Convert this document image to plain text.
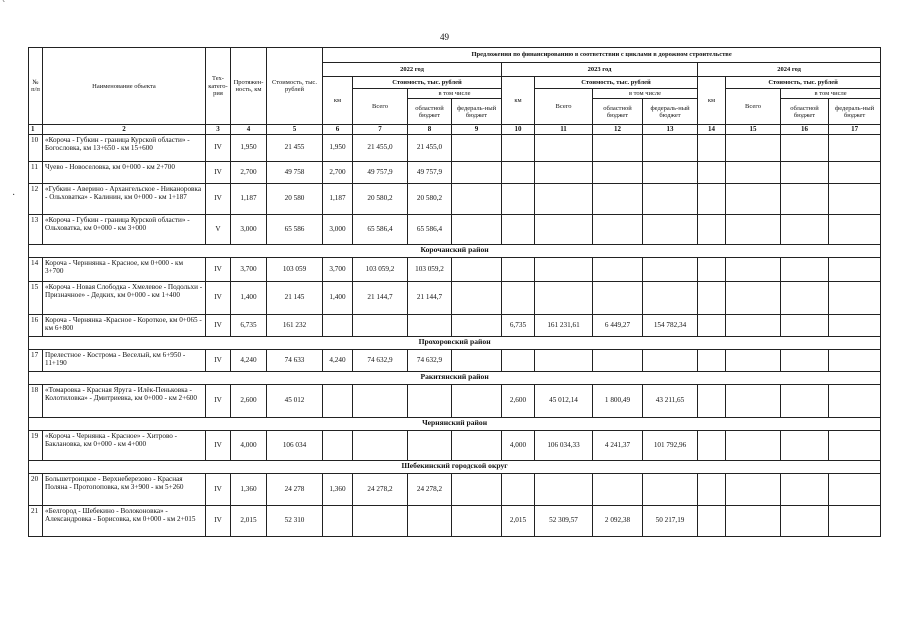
49
`
·
№ п/п	Наименование объекта	Тех-катего-рия	Протяжен-ность, км	Стоимость, тыс. рублей	Предложения по финансированию в соответствии с циклами в дорожном строительстве											
					2022 год				2023 год				2024 год			
					км	Стоимость, тыс. рублей			км	Стоимость, тыс. рублей			км	Стоимость, тыс. рублей		
						Всего	в том числе			Всего	в том числе			Всего	в том числе	
							областной бюджет	федераль-ный бюджет			областной бюджет	федераль-ный бюджет			областной бюджет	федераль-ный бюджет
1	2	3	4	5	6	7	8	9	10	11	12	13	14	15	16	17
10	«Короча - Губкин - граница Курской области» - Богословка, км 13+650 - км 15+600	IV	1,950	21 455	1,950	21 455,0	21 455,0									
11	Чуево - Новоселовка, км 0+000 - км 2+700	IV	2,700	49 758	2,700	49 757,9	49 757,9									
12	«Губкин - Аверино - Архангельское - Никаноровка - Ольховатка» - Калинин, км 0+000 - км 1+187	IV	1,187	20 580	1,187	20 580,2	20 580,2									
13	«Короча - Губкин - граница Курской области» - Ольховатка, км 0+000 - км 3+000	V	3,000	65 586	3,000	65 586,4	65 586,4									
Корочанский район																
14	Короча - Черннянка - Красное, км 0+000 - км 3+700	IV	3,700	103 059	3,700	103 059,2	103 059,2									
15	«Короча - Новая Слободка - Хмелевое - Подольхи - Призначное» - Дедких, км 0+000 - км 1+400	IV	1,400	21 145	1,400	21 144,7	21 144,7									
16	Короча - Чернянка -Красное - Короткое, км 0+065 - км 6+800	IV	6,735	161 232					6,735	161 231,61	6 449,27	154 782,34				
Прохоровский район																
17	Прелестное - Кострома - Веселый, км 6+950 - 11+190	IV	4,240	74 633	4,240	74 632,9	74 632,9									
Ракитянский район																
18	«Томаровка - Красная Яруга - Илёк-Пеньковка - Колотиловка» - Дмитриевка, км 0+000 - км 2+600	IV	2,600	45 012					2,600	45 012,14	1 800,49	43 211,65				
Чернянский район																
19	«Короча - Чернянка - Красное» - Хитрово - Баклановка, км 0+000 - км 4+000	IV	4,000	106 034					4,000	106 034,33	4 241,37	101 792,96				
Шебекинский городской округ																
20	Большетроицкое - Верхнеберезово - Красная Полянa - Протопоповка, км 3+900 - км 5+260	IV	1,360	24 278	1,360	24 278,2	24 278,2									
21	«Белгород - Шебекино - Волоконовка» - Александровка - Борисовка, км 0+000 - км 2+015	IV	2,015	52 310					2,015	52 309,57	2 092,38	50 217,19				
